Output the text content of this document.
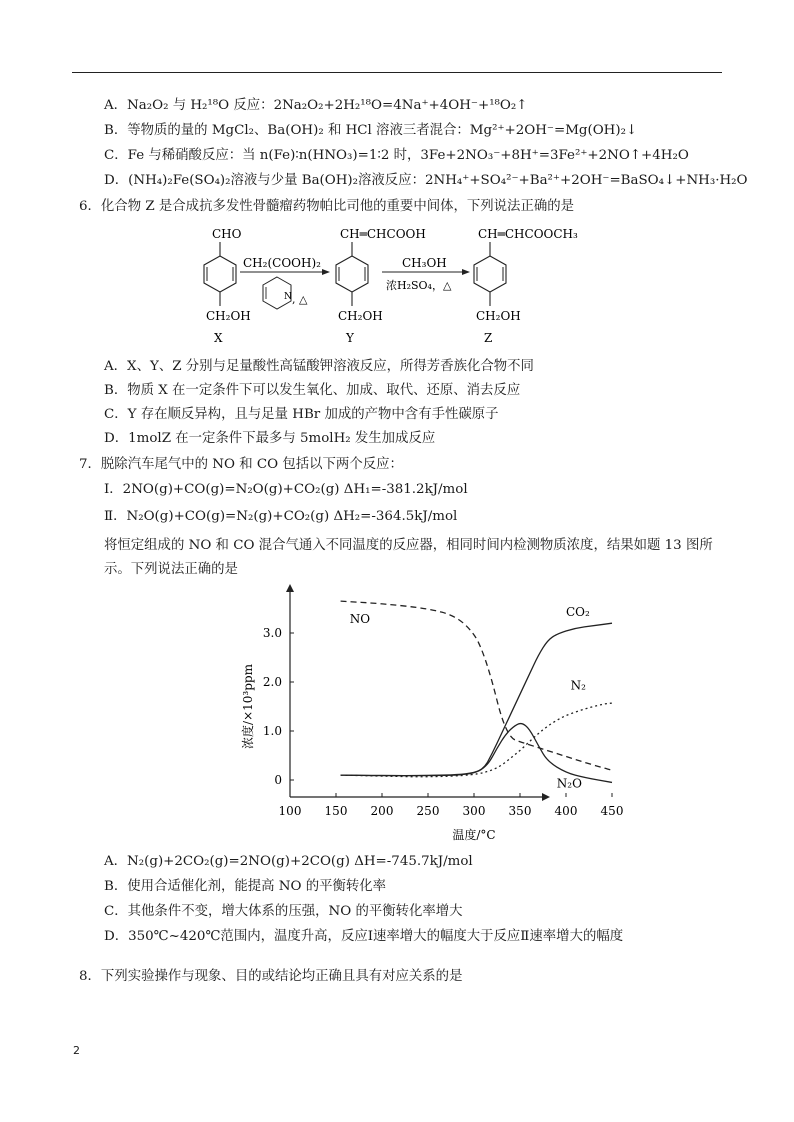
A．Na₂O₂ 与 H₂¹⁸O 反应：2Na₂O₂+2H₂¹⁸O=4Na⁺+4OH⁻+¹⁸O₂↑
B．等物质的量的 MgCl₂、Ba(OH)₂ 和 HCl 溶液三者混合：Mg²⁺+2OH⁻=Mg(OH)₂↓
C．Fe 与稀硝酸反应：当 n(Fe)∶n(HNO₃)=1∶2 时，3Fe+2NO₃⁻+8H⁺=3Fe²⁺+2NO↑+4H₂O
D．(NH₄)₂Fe(SO₄)₂溶液与少量 Ba(OH)₂溶液反应：2NH₄⁺+SO₄²⁻+Ba²⁺+2OH⁻=BaSO₄↓+NH₃·H₂O
6．化合物 Z 是合成抗多发性骨髓瘤药物帕比司他的重要中间体，下列说法正确的是
CHO
CH₂OH
X
CH₂(COOH)₂
N , △
CH═CHCOOH
CH₂OH
Y
CH₃OH
浓H₂SO₄，△
CH═CHCOOCH₃
CH₂OH
Z
A．X、Y、Z 分别与足量酸性高锰酸钾溶液反应，所得芳香族化合物不同
B．物质 X 在一定条件下可以发生氧化、加成、取代、还原、消去反应
C．Y 存在顺反异构，且与足量 HBr 加成的产物中含有手性碳原子
D．1molZ 在一定条件下最多与 5molH₂ 发生加成反应
7．脱除汽车尾气中的 NO 和 CO 包括以下两个反应：
Ⅰ．2NO(g)+CO(g)=N₂O(g)+CO₂(g) ΔH₁=-381.2kJ/mol
Ⅱ．N₂O(g)+CO(g)=N₂(g)+CO₂(g) ΔH₂=-364.5kJ/mol
将恒定组成的 NO 和 CO 混合气通入不同温度的反应器，相同时间内检测物质浓度，结果如题 13 图所
示。下列说法正确的是
100 150 200 250 300 350 400 450
0
1.0
2.0
3.0
温度/°C
浓度/×10³ppm
NO
CO₂
N₂
N₂O
A．N₂(g)+2CO₂(g)=2NO(g)+2CO(g) ΔH=-745.7kJ/mol
B．使用合适催化剂，能提高 NO 的平衡转化率
C．其他条件不变，增大体系的压强，NO 的平衡转化率增大
D．350℃~420℃范围内，温度升高，反应Ⅰ速率增大的幅度大于反应Ⅱ速率增大的幅度
8．下列实验操作与现象、目的或结论均正确且具有对应关系的是
2
